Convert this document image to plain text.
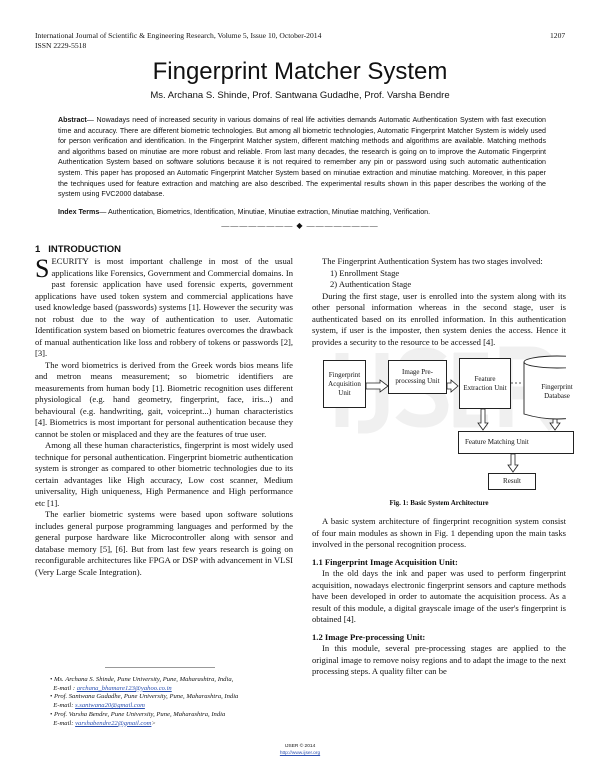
International Journal of Scientific & Engineering Research, Volume 5, Issue 10, October-2014
ISSN 2229-5518
1207
Fingerprint Matcher System
Ms. Archana S. Shinde, Prof. Santwana Gudadhe, Prof. Varsha Bendre
Abstract— Nowadays need of increased security in various domains of real life activities demands Automatic Authentication System with fast execution time and accuracy. There are different biometric technologies. But among all biometric technologies, Automatic Fingerprint Matcher System is widely used for person verification and identification. In the Fingerprint Matcher system, different matching methods and algorithms are available. Matching methods and algorithms based on minutiae are more robust and reliable. From last many decades, the research is going on to improve the Automatic Fingerprint Authentication System based on software solutions because it is not required to remember any pin or password using such automatic authentication system. This paper has proposed an Automatic Fingerprint Matcher System based on minutiae extraction and minutiae matching. Moreover, in this paper the techniques used for feature extraction and matching are also described. The experimental results shown in this paper describes the working of the system using FVC2000 database.
Index Terms— Authentication, Biometrics, Identification, Minutiae, Minutiae extraction, Minutiae matching, Verification.
———————— ◆ ————————
1 INTRODUCTION

SECURITY is most important challenge in most of the usual applications like Forensics, Government and Commercial domains. In past forensic application have used forensic experts, government applications have used token system and commercial applications have used knowledge based (passwords) systems [1]. However the security was not robust due to the way of authentication to user. Automatic Identification system based on biometric features overcomes the drawback of manual authentication like loss and robbery of tokens or passwords [2], [3].

The word biometrics is derived from the Greek words bios means life and metron means measurement; so biometric identifiers are measurements from human body [1]. Biometric recognition uses different physiological (e.g. hand geometry, fingerprint, face, iris...) and behavioural (e.g. handwriting, gait, voiceprint...) human characteristics [4]. Biometrics is most important for personal authentication because they cannot be stolen or misplaced and they are the features of true user.

Among all these human characteristics, fingerprint is most widely used technique for personal authentication. Fingerprint biometric authentication system is stronger as compared to other biometric technologies due to its certain advantages like High accuracy, Low cost scanner, Medium universality, High uniqueness, High Permanence and High performance etc [1].

The earlier biometric systems were based upon software solutions includes general purpose programming languages and performed by the general purpose hardware like Microcontroller along with sensor and database memory [5], [6]. But from last few years research is going on reconfigurable architectures like FPGA or DSP with advancement in VLSI (Very Large Scale Integration).

The Fingerprint Authentication System has two stages involved:

1) Enrollment Stage

2) Authentication Stage

During the first stage, user is enrolled into the system along with its other personal information whereas in the second stage, user is authenticated based on its enrolled information. In this authentication system, if user is the imposter, then system denies the access. Hence it provides a security to the resource to be accessed [4].

Fingerprint Acquisition Unit
Image Pre-processing Unit	Feature Extraction Unit	Fingerprint Database
Feature Matching Unit
Result
Fig. 1: Basic System Architecture

A basic system architecture of fingerprint recognition system consist of four main modules as shown in Fig. 1 depending upon the main tasks involved in the personal recognition process.

1.1 Fingerprint Image Acquisition Unit:

In the old days the ink and paper was used to perform fingerprint acquisition, nowadays electronic fingerprint sensors and capture methods have been developed in order to automate the acquisition process. As a result of this module, a digital grayscale image of the user's fingerprint is obtained [4].

1.2 Image Pre-processing Unit:

In this module, several pre-processing stages are applied to the original image to remove noisy regions and to adapt the image to the next processing steps. A quality filter can be

• Ms. Archana S. Shinde, Pune University, Pune, Maharashtra, India,
E-mail : archana_bhamare123@yahoo.co.in
• Prof. Santwana Gudadhe, Pune University, Pune, Maharashtra, India
E-mail: s.santwana20@gmail.com
• Prof. Varsha Bendre, Pune University, Pune, Maharashtra, India
E-mail: varshabendre22@gmail.com>
IJSER © 2014
http://www.ijser.org
